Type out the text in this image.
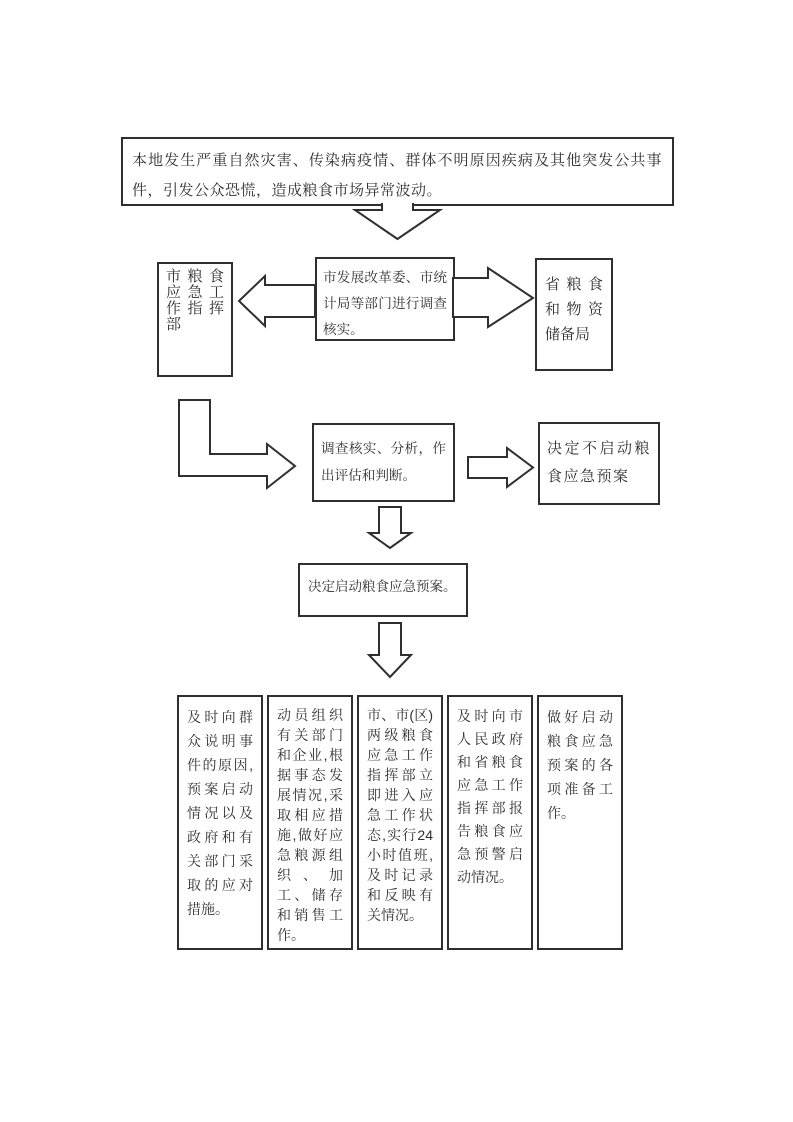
本地发生严重自然灾害、传染病疫情、群体不明原因疾病及其他突发公共事件，引发公众恐慌，造成粮食市场异常波动。
市粮食应急工作指挥部
市发展改革委、市统计局等部门进行调查核实。
省粮食和物资储备局
调查核实、分析，作出评估和判断。
决定不启动粮食应急预案
决定启动粮食应急预案。
及时向群众说明事件的原因,预案启动情况以及政府和有关部门采取的应对措施。
动员组织有关部门和企业,根据事态发展情况,采取相应措施,做好应急粮源组织、加工、储存和销售工作。
市、市(区)两级粮食应急工作指挥部立即进入应急工作状态,实行24小时值班,及时记录和反映有关情况。
及时向市人民政府和省粮食应急工作指挥部报告粮食应急预警启动情况。
做好启动粮食应急预案的各项准备工作。
